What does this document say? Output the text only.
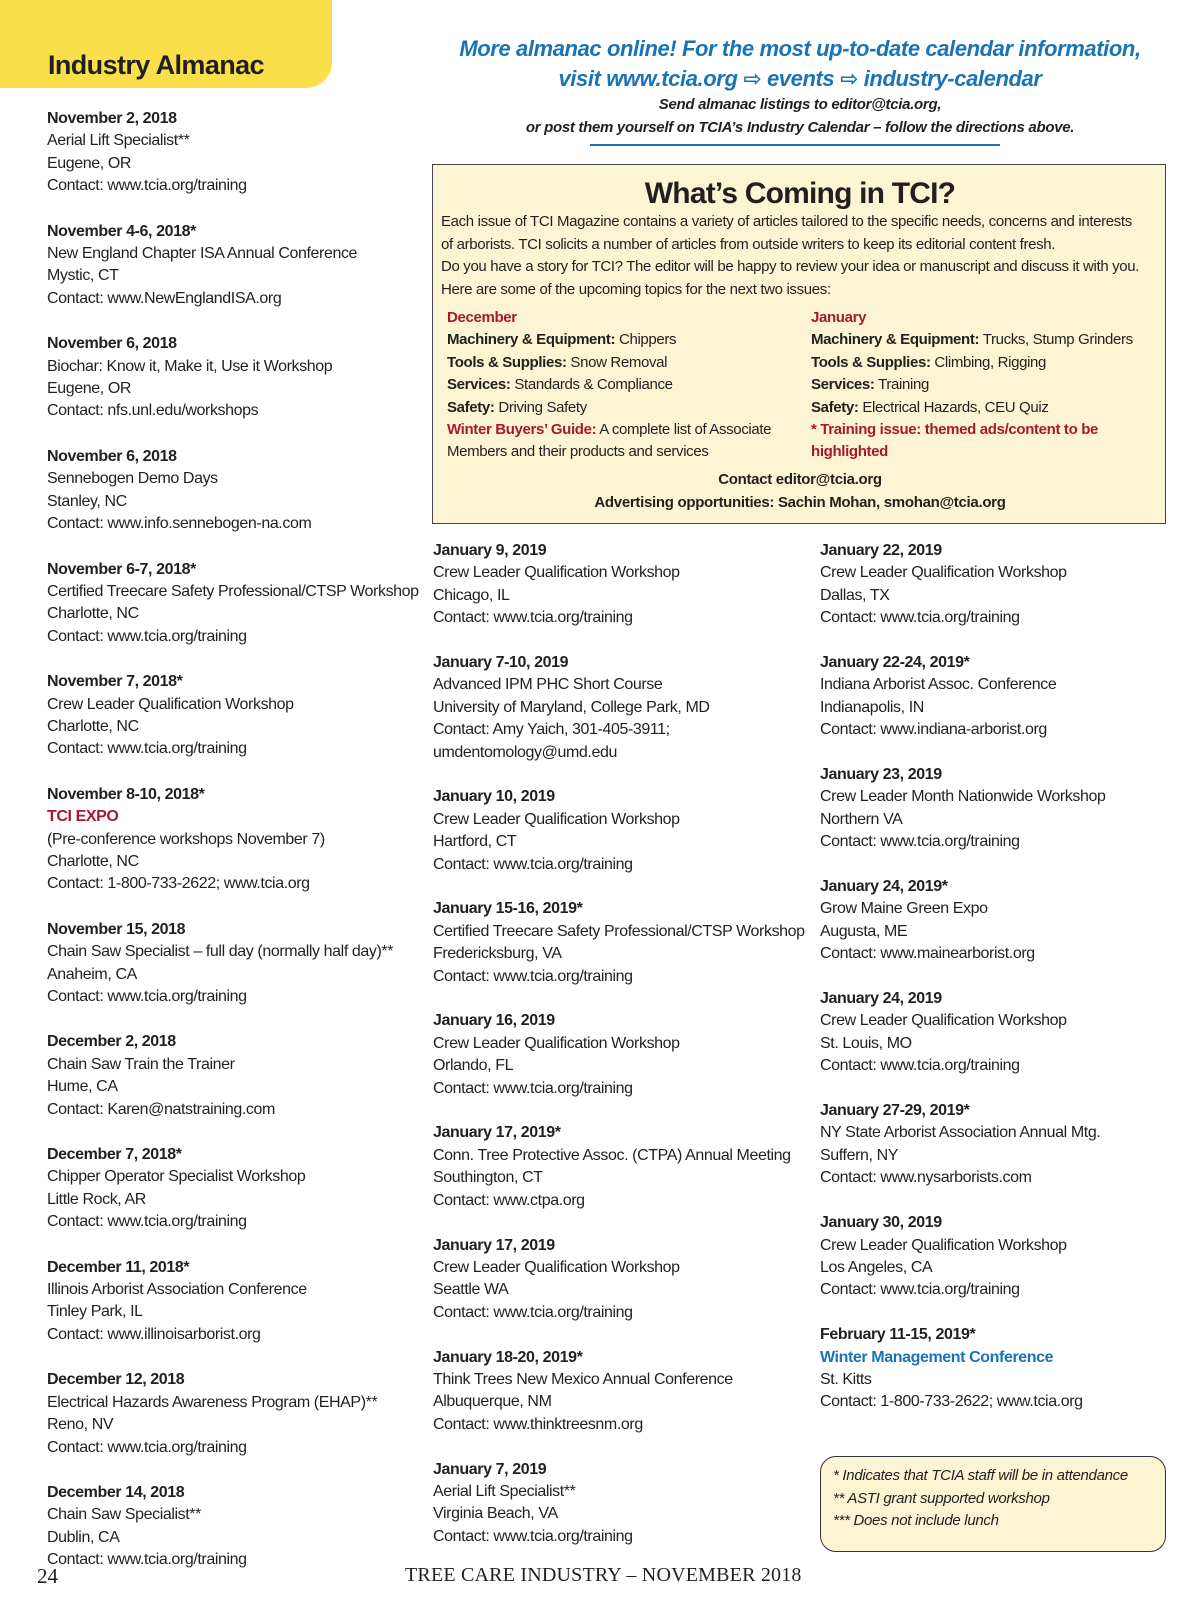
Industry Almanac
More almanac online! For the most up-to-date calendar information,
visit www.tcia.org ⇨ events ⇨ industry-calendar
Send almanac listings to editor@tcia.org,
or post them yourself on TCIA’s Industry Calendar – follow the directions above.
What’s Coming in TCI?
Each issue of TCI Magazine contains a variety of articles tailored to the specific needs, concerns and interests
of arborists. TCI solicits a number of articles from outside writers to keep its editorial content fresh.
Do you have a story for TCI? The editor will be happy to review your idea or manuscript and discuss it with you.
Here are some of the upcoming topics for the next two issues:
December
Machinery & Equipment: Chippers
Tools & Supplies: Snow Removal
Services: Standards & Compliance
Safety: Driving Safety
Winter Buyers’ Guide: A complete list of Associate
Members and their products and services
January
Machinery & Equipment: Trucks, Stump Grinders
Tools & Supplies: Climbing, Rigging
Services: Training
Safety: Electrical Hazards, CEU Quiz
* Training issue: themed ads/content to be highlighted
Contact editor@tcia.org
Advertising opportunities: Sachin Mohan, smohan@tcia.org
November 2, 2018
Aerial Lift Specialist**
Eugene, OR
Contact: www.tcia.org/training
November 4-6, 2018*
New England Chapter ISA Annual Conference
Mystic, CT
Contact: www.NewEnglandISA.org
November 6, 2018
Biochar: Know it, Make it, Use it Workshop
Eugene, OR
Contact: nfs.unl.edu/workshops
November 6, 2018
Sennebogen Demo Days
Stanley, NC
Contact: www.info.sennebogen-na.com
November 6-7, 2018*
Certified Treecare Safety Professional/CTSP Workshop
Charlotte, NC
Contact: www.tcia.org/training
November 7, 2018*
Crew Leader Qualification Workshop
Charlotte, NC
Contact: www.tcia.org/training
November 8-10, 2018*
TCI EXPO
(Pre-conference workshops November 7)
Charlotte, NC
Contact: 1-800-733-2622; www.tcia.org
November 15, 2018
Chain Saw Specialist – full day (normally half day)**
Anaheim, CA
Contact: www.tcia.org/training
December 2, 2018
Chain Saw Train the Trainer
Hume, CA
Contact: Karen@natstraining.com
December 7, 2018*
Chipper Operator Specialist Workshop
Little Rock, AR
Contact: www.tcia.org/training
December 11, 2018*
Illinois Arborist Association Conference
Tinley Park, IL
Contact: www.illinoisarborist.org
December 12, 2018
Electrical Hazards Awareness Program (EHAP)**
Reno, NV
Contact: www.tcia.org/training
December 14, 2018
Chain Saw Specialist**
Dublin, CA
Contact: www.tcia.org/training
January 9, 2019
Crew Leader Qualification Workshop
Chicago, IL
Contact: www.tcia.org/training
January 7-10, 2019
Advanced IPM PHC Short Course
University of Maryland, College Park, MD
Contact: Amy Yaich, 301-405-3911;
umdentomology@umd.edu
January 10, 2019
Crew Leader Qualification Workshop
Hartford, CT
Contact: www.tcia.org/training
January 15-16, 2019*
Certified Treecare Safety Professional/CTSP Workshop
Fredericksburg, VA
Contact: www.tcia.org/training
January 16, 2019
Crew Leader Qualification Workshop
Orlando, FL
Contact: www.tcia.org/training
January 17, 2019*
Conn. Tree Protective Assoc. (CTPA) Annual Meeting
Southington, CT
Contact: www.ctpa.org
January 17, 2019
Crew Leader Qualification Workshop
Seattle WA
Contact: www.tcia.org/training
January 18-20, 2019*
Think Trees New Mexico Annual Conference
Albuquerque, NM
Contact: www.thinktreesnm.org
January 7, 2019
Aerial Lift Specialist**
Virginia Beach, VA
Contact: www.tcia.org/training
January 22, 2019
Crew Leader Qualification Workshop
Dallas, TX
Contact: www.tcia.org/training
January 22-24, 2019*
Indiana Arborist Assoc. Conference
Indianapolis, IN
Contact: www.indiana-arborist.org
January 23, 2019
Crew Leader Month Nationwide Workshop
Northern VA
Contact: www.tcia.org/training
January 24, 2019*
Grow Maine Green Expo
Augusta, ME
Contact: www.mainearborist.org
January 24, 2019
Crew Leader Qualification Workshop
St. Louis, MO
Contact: www.tcia.org/training
January 27-29, 2019*
NY State Arborist Association Annual Mtg.
Suffern, NY
Contact: www.nysarborists.com
January 30, 2019
Crew Leader Qualification Workshop
Los Angeles, CA
Contact: www.tcia.org/training
February 11-15, 2019*
Winter Management Conference
St. Kitts
Contact: 1-800-733-2622; www.tcia.org
* Indicates that TCIA staff will be in attendance
** ASTI grant supported workshop
*** Does not include lunch
24	TREE CARE INDUSTRY – NOVEMBER 2018
